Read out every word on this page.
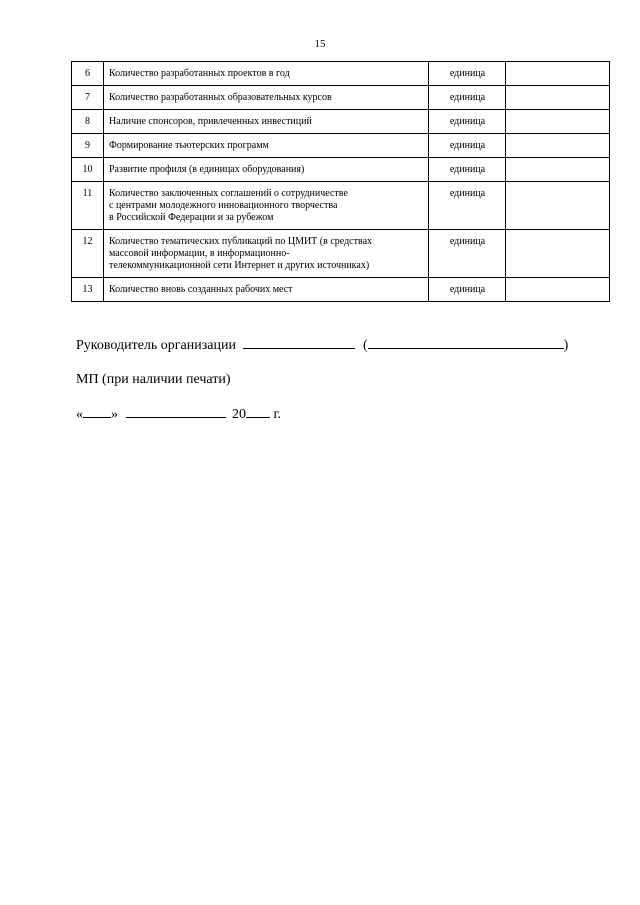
15
6	Количество разработанных проектов в год	единица	
7	Количество разработанных образовательных курсов	единица	
8	Наличие спонсоров, привлеченных инвестиций	единица	
9	Формирование тьютерских программ	единица	
10	Развитие профиля (в единицах оборудования)	единица	
11	Количество заключенных соглашений о сотрудничестве
с центрами молодежного инновационного творчества
в Российской Федерации и за рубежом	единица	
12	Количество тематических публикаций по ЦМИТ (в средствах
массовой информации, в информационно-
телекоммуникационной сети Интернет и других источниках)	единица	
13	Количество вновь созданных рабочих мест	единица	
Руководитель организации	(	)
МП (при наличии печати)
« »	20 г.
